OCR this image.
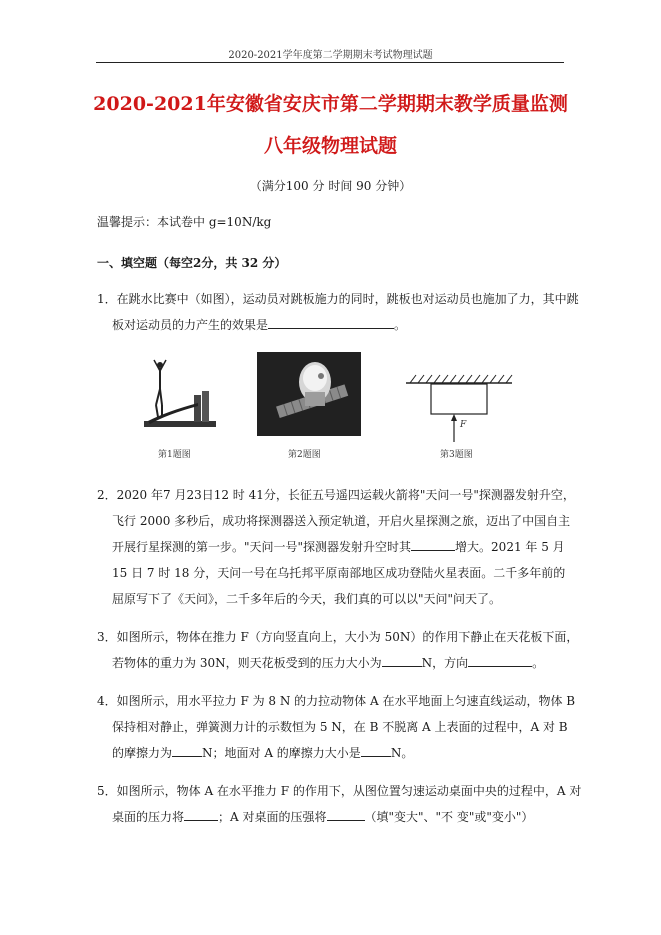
2020-2021学年度第二学期期末考试物理试题
2020-2021年安徽省安庆市第二学期期末教学质量监测
八年级物理试题
（满分100 分 时间 90 分钟）
温馨提示：本试卷中 g=10N/kg
一、填空题（每空2分，共 32 分）
1．在跳水比赛中（如图），运动员对跳板施力的同时，跳板也对运动员也施加了力，其中跳
板对运动员的力产生的效果是	。
第1题图	第2题图
F
第3题图
2．2020 年7 月23日12 时 41分，长征五号遥四运载火箭将"天问一号"探测器发射升空，
飞行 2000 多秒后，成功将探测器送入预定轨道，开启火星探测之旅，迈出了中国自主
开展行星探测的第一步。"天问一号"探测器发射升空时其	增大。2021 年 5 月
15 日 7 时 18 分，天问一号在乌托邦平原南部地区成功登陆火星表面。二千多年前的
屈原写下了《天问》，二千多年后的今天，我们真的可以以"天问"问天了。
3．如图所示，物体在推力 F（方向竖直向上，大小为 50N）的作用下静止在天花板下面，
若物体的重力为 30N，则天花板受到的压力大小为	N，方向	。
4．如图所示，用水平拉力 F 为 8 N 的力拉动物体 A 在水平地面上匀速直线运动，物体 B
保持相对静止，弹簧测力计的示数恒为 5 N，在 B 不脱离 A 上表面的过程中，A 对 B
的摩擦力为	N；地面对 A 的摩擦力大小是	N。
5．如图所示，物体 A 在水平推力 F 的作用下，从图位置匀速运动桌面中央的过程中，A 对
桌面的压力将	；A 对桌面的压强将	（填"变大"、"不 变"或"变小"）
